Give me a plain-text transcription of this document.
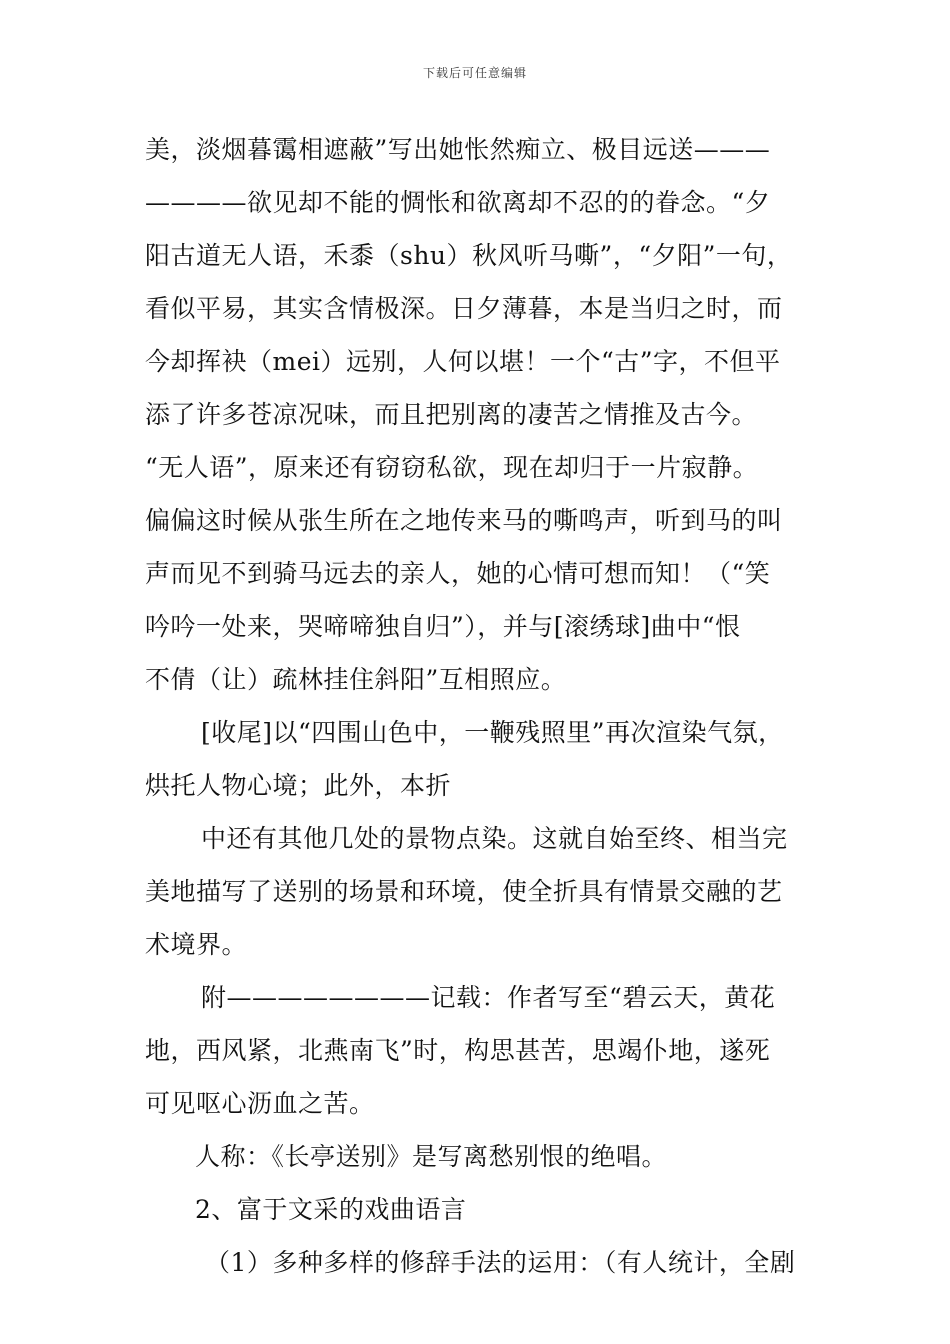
下载后可任意编辑
美，淡烟暮霭相遮蔽”写出她怅然痴立、极目远送———
————欲见却不能的惆怅和欲离却不忍的的眷念。“夕
阳古道无人语，禾黍（shu）秋风听马嘶”，“夕阳”一句，
看似平易，其实含情极深。日夕薄暮，本是当归之时，而
今却挥袂（mei）远别，人何以堪！一个“古”字，不但平
添了许多苍凉况味，而且把别离的凄苦之情推及古今。
“无人语”，原来还有窃窃私欲，现在却归于一片寂静。
偏偏这时候从张生所在之地传来马的嘶鸣声，听到马的叫
声而见不到骑马远去的亲人，她的心情可想而知！（“笑
吟吟一处来，哭啼啼独自归”），并与[滚绣球]曲中“恨
不倩（让）疏林挂住斜阳”互相照应。
[收尾]以“四围山色中，一鞭残照里”再次渲染气氛，
烘托人物心境；此外，本折
中还有其他几处的景物点染。这就自始至终、相当完
美地描写了送别的场景和环境，使全折具有情景交融的艺
术境界。
附————————记载：作者写至“碧云天，黄花
地，西风紧，北燕南飞”时，构思甚苦，思竭仆地，遂死
可见呕心沥血之苦。
人称：《长亭送别》是写离愁别恨的绝唱。
2、富于文采的戏曲语言
（1）多种多样的修辞手法的运用：（有人统计，全剧
